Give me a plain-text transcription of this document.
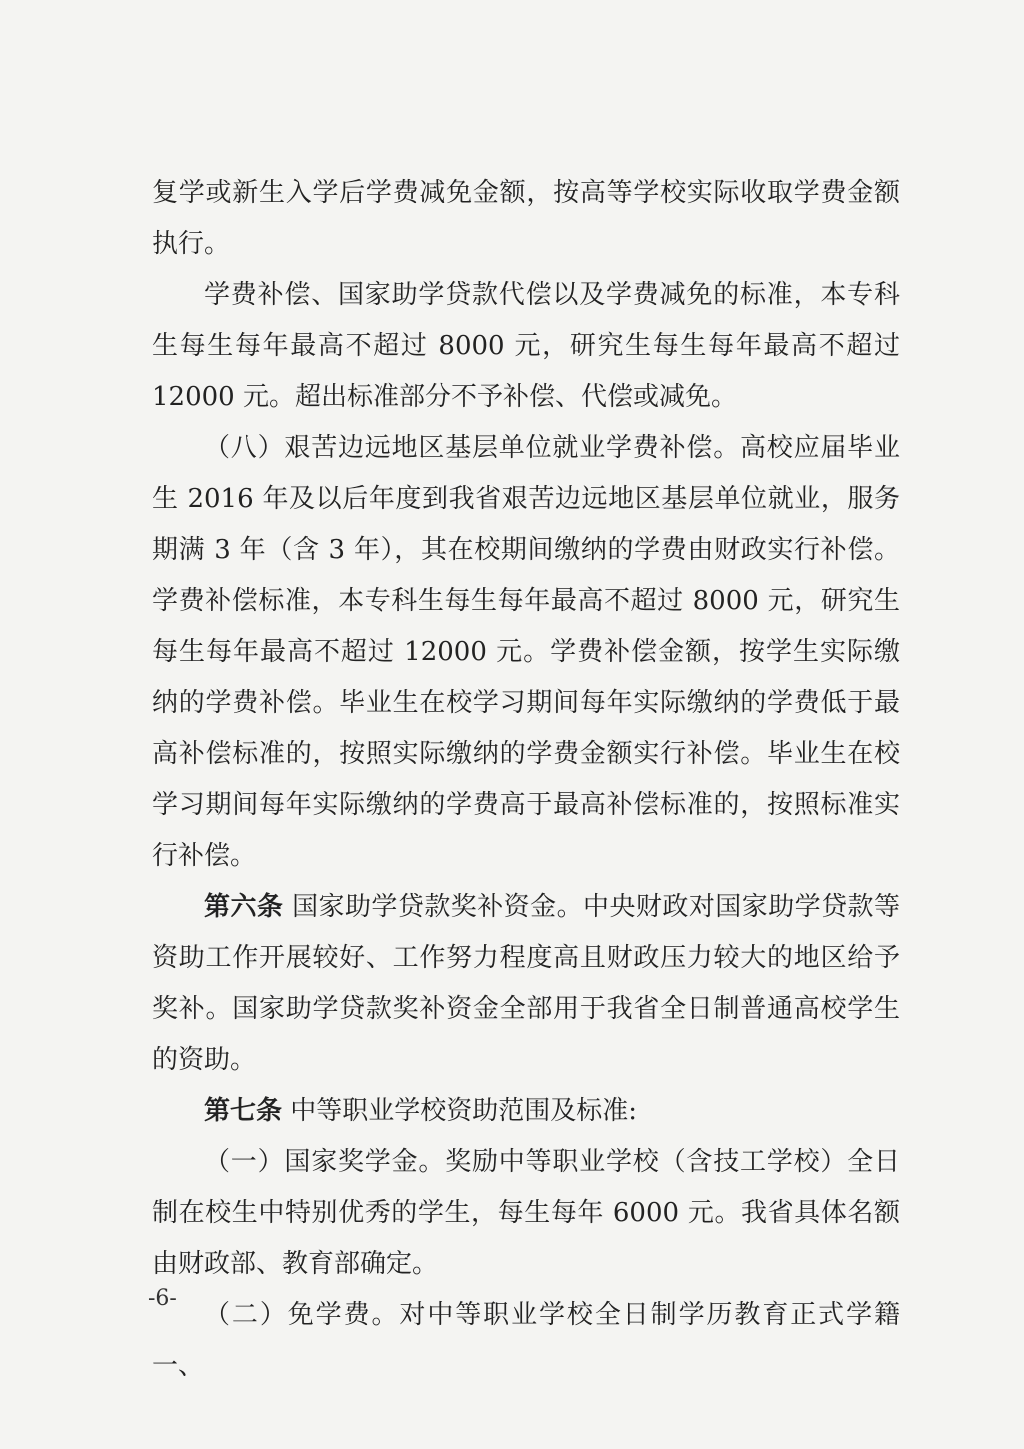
复学或新生入学后学费减免金额，按高等学校实际收取学费金额执行。

学费补偿、国家助学贷款代偿以及学费减免的标准，本专科生每生每年最高不超过 8000 元，研究生每生每年最高不超过 12000 元。超出标准部分不予补偿、代偿或减免。

（八）艰苦边远地区基层单位就业学费补偿。高校应届毕业生 2016 年及以后年度到我省艰苦边远地区基层单位就业，服务期满 3 年（含 3 年），其在校期间缴纳的学费由财政实行补偿。学费补偿标准，本专科生每生每年最高不超过 8000 元，研究生每生每年最高不超过 12000 元。学费补偿金额，按学生实际缴纳的学费补偿。毕业生在校学习期间每年实际缴纳的学费低于最高补偿标准的，按照实际缴纳的学费金额实行补偿。毕业生在校学习期间每年实际缴纳的学费高于最高补偿标准的，按照标准实行补偿。

第六条 国家助学贷款奖补资金。中央财政对国家助学贷款等资助工作开展较好、工作努力程度高且财政压力较大的地区给予奖补。国家助学贷款奖补资金全部用于我省全日制普通高校学生的资助。

第七条 中等职业学校资助范围及标准:

（一）国家奖学金。奖励中等职业学校（含技工学校）全日制在校生中特别优秀的学生，每生每年 6000 元。我省具体名额由财政部、教育部确定。

（二）免学费。对中等职业学校全日制学历教育正式学籍一、

-6-
